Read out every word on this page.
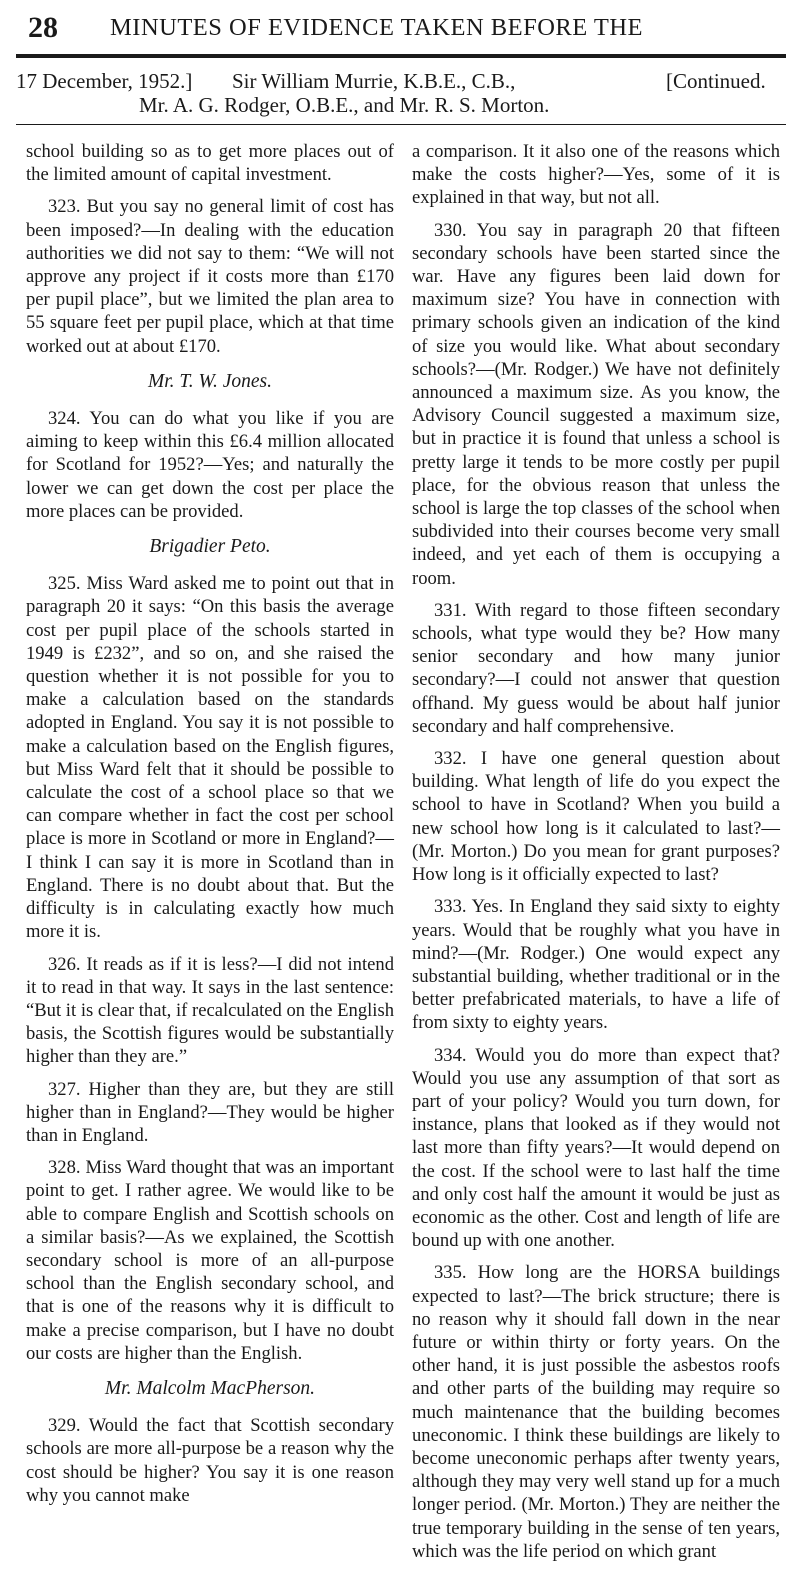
28 MINUTES OF EVIDENCE TAKEN BEFORE THE
17 December, 1952.] Sir William Murrie, K.B.E., C.B.,	[Continued.
Mr. A. G. Rodger, O.B.E., and Mr. R. S. Morton.

school building so as to get more places out of the limited amount of capital investment.

323. But you say no general limit of cost has been imposed?—In dealing with the education authorities we did not say to them: “We will not approve any project if it costs more than £170 per pupil place”, but we limited the plan area to 55 square feet per pupil place, which at that time worked out at about £170.

Mr. T. W. Jones.

324. You can do what you like if you are aiming to keep within this £6.4 million allocated for Scotland for 1952?—Yes; and naturally the lower we can get down the cost per place the more places can be provided.

Brigadier Peto.

325. Miss Ward asked me to point out that in paragraph 20 it says: “On this basis the average cost per pupil place of the schools started in 1949 is £232”, and so on, and she raised the question whether it is not possible for you to make a calculation based on the standards adopted in England. You say it is not possible to make a calculation based on the English figures, but Miss Ward felt that it should be possible to calculate the cost of a school place so that we can compare whether in fact the cost per school place is more in Scotland or more in England?—I think I can say it is more in Scotland than in England. There is no doubt about that. But the difficulty is in calculating exactly how much more it is.

326. It reads as if it is less?—I did not intend it to read in that way. It says in the last sentence: “But it is clear that, if recalculated on the English basis, the Scottish figures would be substantially higher than they are.”

327. Higher than they are, but they are still higher than in England?—They would be higher than in England.

328. Miss Ward thought that was an important point to get. I rather agree. We would like to be able to compare English and Scottish schools on a similar basis?—As we explained, the Scottish secondary school is more of an all-purpose school than the English secondary school, and that is one of the reasons why it is difficult to make a precise comparison, but I have no doubt our costs are higher than the English.

Mr. Malcolm MacPherson.

329. Would the fact that Scottish secondary schools are more all-purpose be a reason why the cost should be higher? You say it is one reason why you cannot make

a comparison. It it also one of the reasons which make the costs higher?—Yes, some of it is explained in that way, but not all.

330. You say in paragraph 20 that fifteen secondary schools have been started since the war. Have any figures been laid down for maximum size? You have in connection with primary schools given an indication of the kind of size you would like. What about secondary schools?—(Mr. Rodger.) We have not definitely announced a maximum size. As you know, the Advisory Council suggested a maximum size, but in practice it is found that unless a school is pretty large it tends to be more costly per pupil place, for the obvious reason that unless the school is large the top classes of the school when subdivided into their courses become very small indeed, and yet each of them is occupying a room.

331. With regard to those fifteen secondary schools, what type would they be? How many senior secondary and how many junior secondary?—I could not answer that question offhand. My guess would be about half junior secondary and half comprehensive.

332. I have one general question about building. What length of life do you expect the school to have in Scotland? When you build a new school how long is it calculated to last?—(Mr. Morton.) Do you mean for grant purposes? How long is it officially expected to last?

333. Yes. In England they said sixty to eighty years. Would that be roughly what you have in mind?—(Mr. Rodger.) One would expect any substantial building, whether traditional or in the better prefabricated materials, to have a life of from sixty to eighty years.

334. Would you do more than expect that? Would you use any assumption of that sort as part of your policy? Would you turn down, for instance, plans that looked as if they would not last more than fifty years?—It would depend on the cost. If the school were to last half the time and only cost half the amount it would be just as economic as the other. Cost and length of life are bound up with one another.

335. How long are the HORSA buildings expected to last?—The brick structure; there is no reason why it should fall down in the near future or within thirty or forty years. On the other hand, it is just possible the asbestos roofs and other parts of the building may require so much maintenance that the building becomes uneconomic. I think these buildings are likely to become uneconomic perhaps after twenty years, although they may very well stand up for a much longer period. (Mr. Morton.) They are neither the true temporary building in the sense of ten years, which was the life period on which grant
